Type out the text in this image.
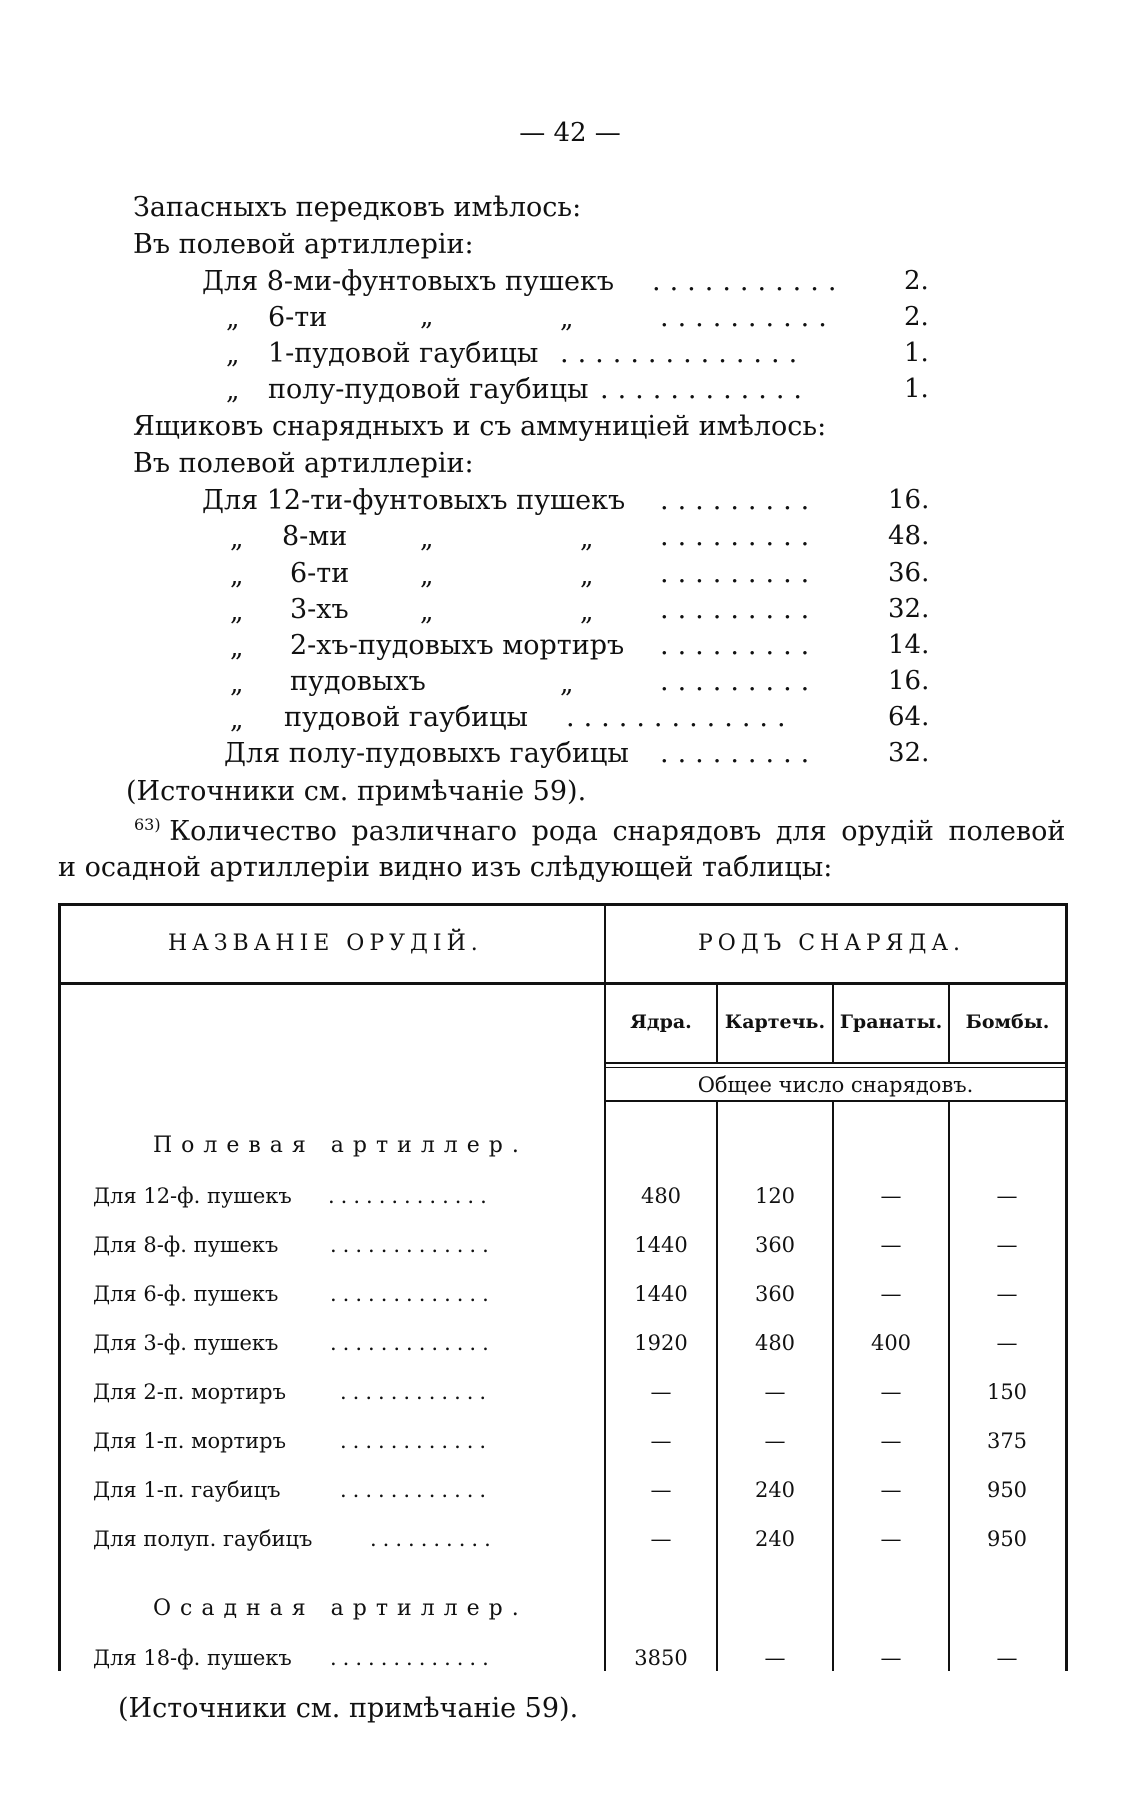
— 42 —
Запасныхъ передковъ имѣлось:
Въ полевой артиллеріи:
Для 8-ми-фунтовыхъ пушекъ ...........	2.
„ 6-ти	„	„	..........	2.
„ 1-пудовой гаубицы ..............	1.
„ полу-пудовой гаубицы ............	1.
Ящиковъ снарядныхъ и съ аммуниціей имѣлось:
Въ полевой артиллеріи:
Для 12-ти-фунтовыхъ пушекъ .........	16.
„ 8-ми	„	„ .........	48.
„ 6-ти	„	„ .........	36.
„ 3-хъ	„	„ .........	32.
„ 2-хъ-пудовыхъ мортиръ .........	14.
„ пудовыхъ	„	.........	16.
„ пудовой гаубицы .............	64.
Для полу-пудовыхъ гаубицы .........	32.
(Источники см. примѣчаніе 59).
$^{63)}$ Количество различнаго рода снарядовъ для орудій полевой
и осадной артиллеріи видно изъ слѣдующей таблицы:
НАЗВАНІЕ ОРУДІЙ.	РОДЪ СНАРЯДА.
Ядра.	Картечь. Гранаты.	Бомбы.
Общее число снарядовъ.
Полевая артиллер.
Для 12-ф. пушекъ .............	480	120	—	—
Для 8-ф. пушекъ .............	1440	360	—	—
Для 6-ф. пушекъ .............	1440	360	—	—
Для 3-ф. пушекъ .............	1920	480	400	—
Для 2-п. мортиръ	............	—	—	—	150
Для 1-п. мортиръ	............	—	—	—	375
Для 1-п. гаубицъ	............	—	240	—	950
Для полуп. гаубицъ	..........	—	240	—	950
Осадная артиллер.
Для 18-ф. пушекъ .............	3850	—	—	—
(Источники см. примѣчаніе 59).
